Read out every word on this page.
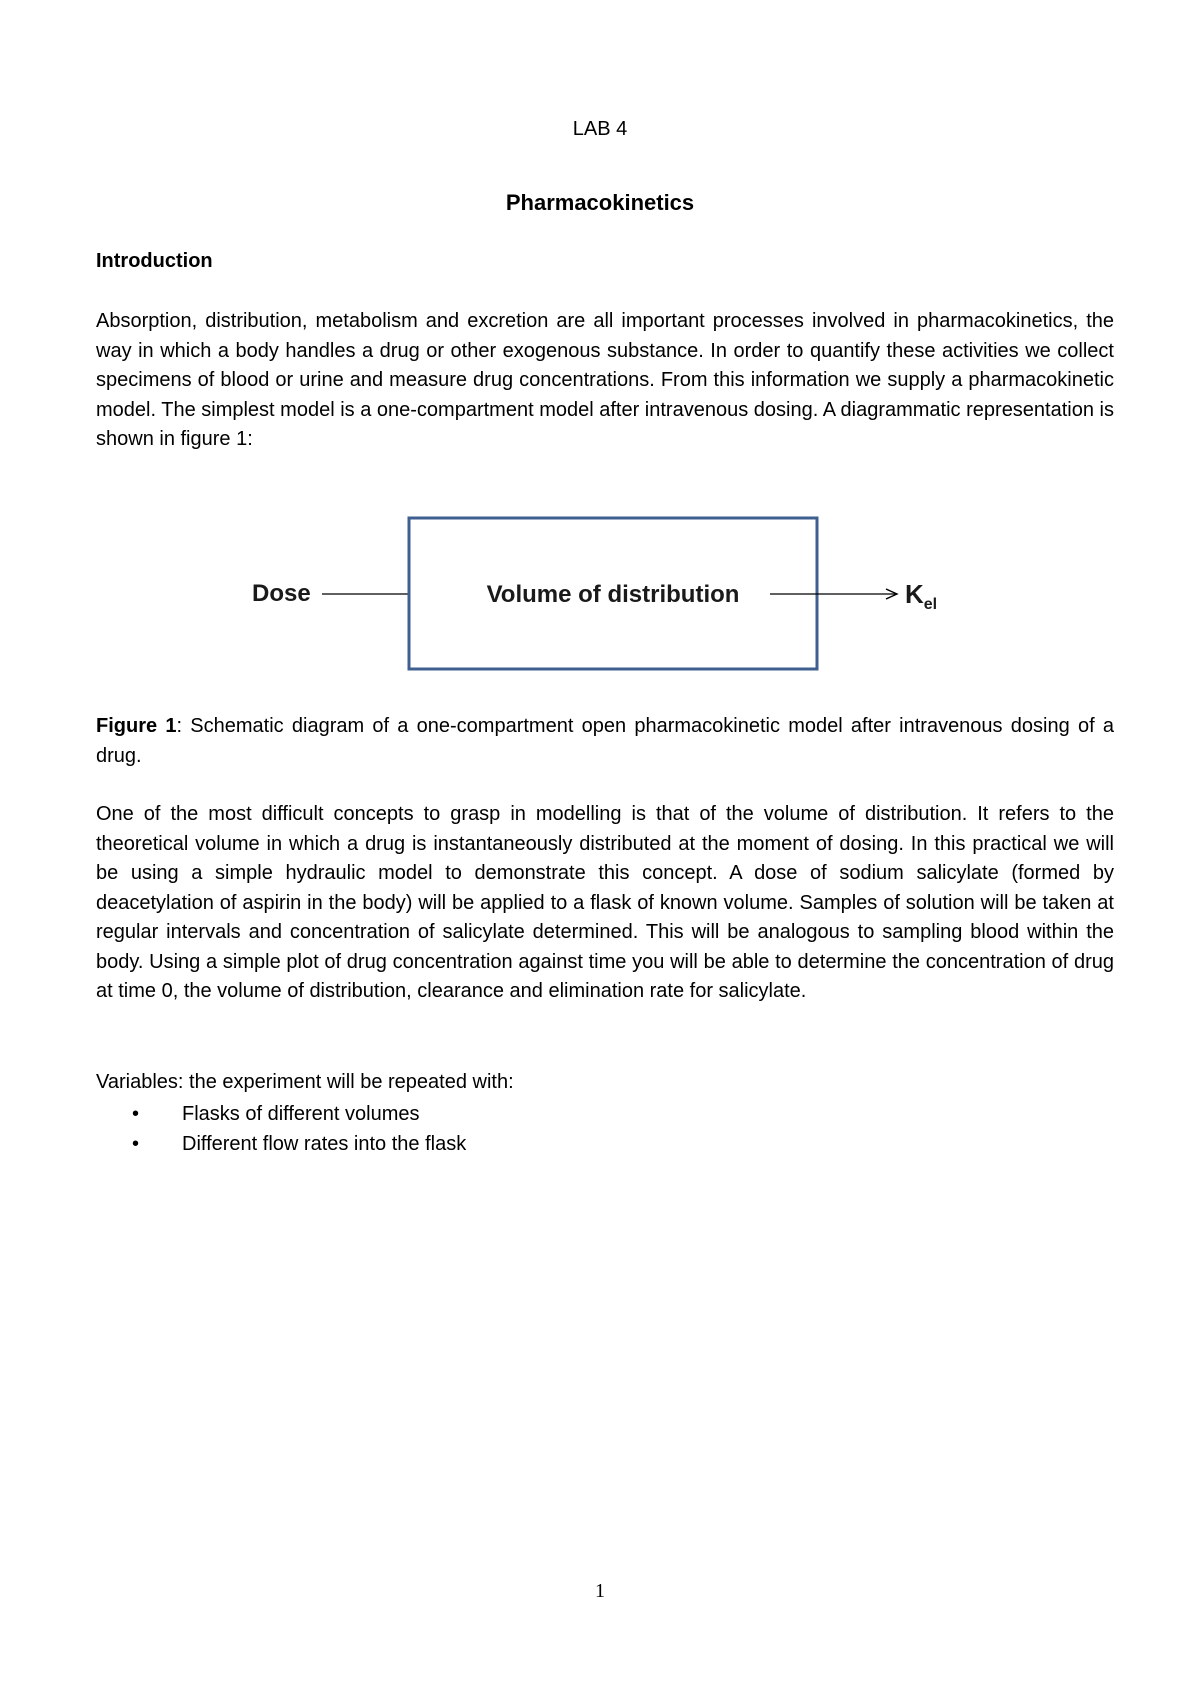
LAB 4
Pharmacokinetics
Introduction
Absorption, distribution, metabolism and excretion are all important processes involved in pharmacokinetics, the way in which a body handles a drug or other exogenous substance. In order to quantify these activities we collect specimens of blood or urine and measure drug concentrations. From this information we supply a pharmacokinetic model. The simplest model is a one-compartment model after intravenous dosing. A diagrammatic representation is shown in figure 1:
Dose	Volume of distribution	$K_{el}$
Figure 1: Schematic diagram of a one-compartment open pharmacokinetic model after intravenous dosing of a drug.
One of the most difficult concepts to grasp in modelling is that of the volume of distribution. It refers to the theoretical volume in which a drug is instantaneously distributed at the moment of dosing. In this practical we will be using a simple hydraulic model to demonstrate this concept. A dose of sodium salicylate (formed by deacetylation of aspirin in the body) will be applied to a flask of known volume. Samples of solution will be taken at regular intervals and concentration of salicylate determined. This will be analogous to sampling blood within the body. Using a simple plot of drug concentration against time you will be able to determine the concentration of drug at time 0, the volume of distribution, clearance and elimination rate for salicylate.
Variables: the experiment will be repeated with:
• Flasks of different volumes
• Different flow rates into the flask
1
